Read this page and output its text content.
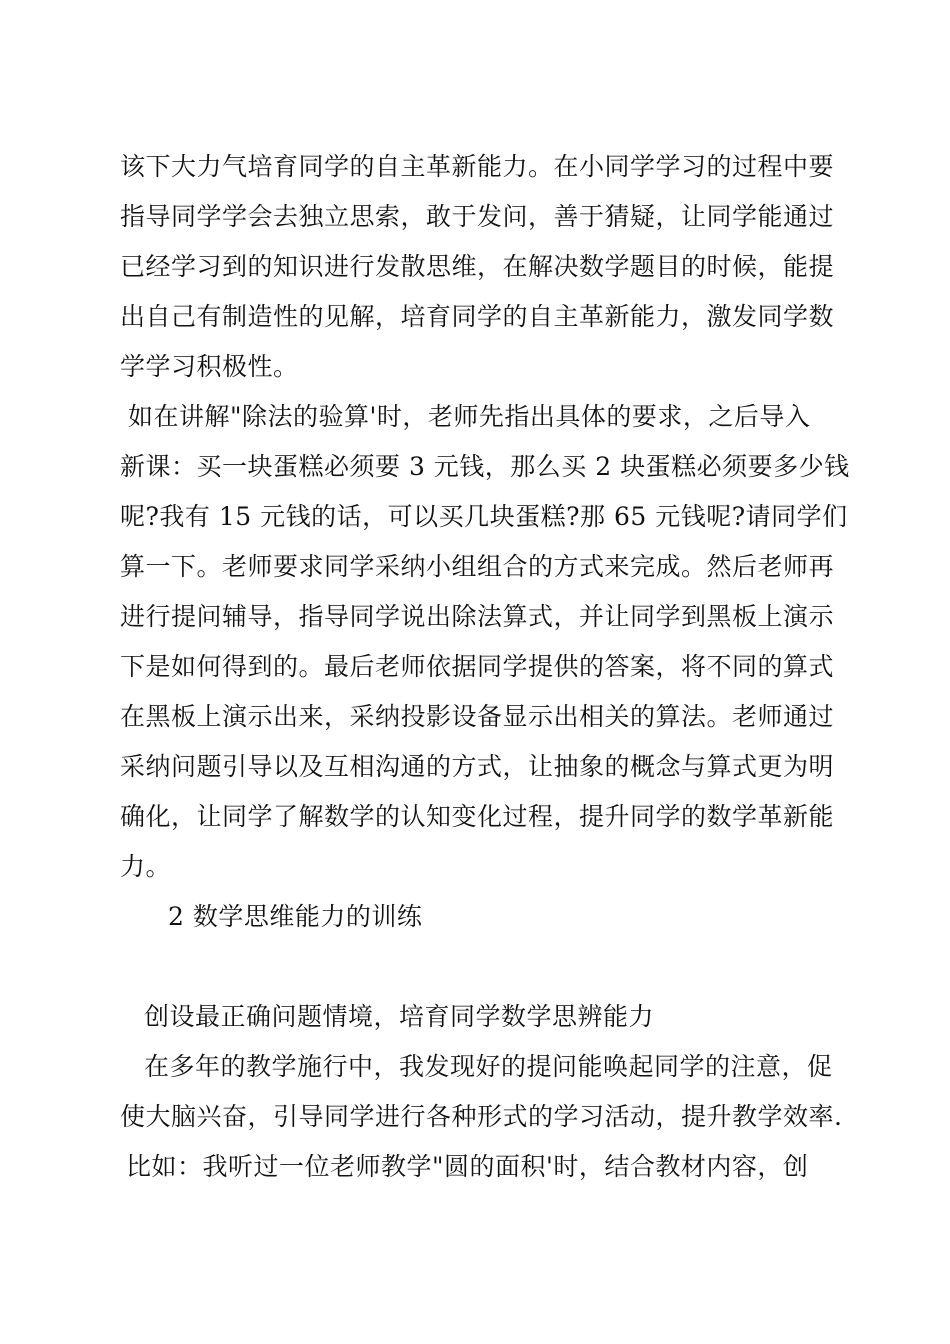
该下大力气培育同学的自主革新能力。在小同学学习的过程中要
指导同学学会去独立思索，敢于发问，善于猜疑，让同学能通过
已经学习到的知识进行发散思维，在解决数学题目的时候，能提
出自己有制造性的见解，培育同学的自主革新能力，激发同学数
学学习积极性。
如在讲解"除法的验算'时，老师先指出具体的要求，之后导入
新课：买一块蛋糕必须要 3 元钱，那么买 2 块蛋糕必须要多少钱
呢?我有 15 元钱的话，可以买几块蛋糕?那 65 元钱呢?请同学们
算一下。老师要求同学采纳小组组合的方式来完成。然后老师再
进行提问辅导，指导同学说出除法算式，并让同学到黑板上演示
下是如何得到的。最后老师依据同学提供的答案，将不同的算式
在黑板上演示出来，采纳投影设备显示出相关的算法。老师通过
采纳问题引导以及互相沟通的方式，让抽象的概念与算式更为明
确化，让同学了解数学的认知变化过程，提升同学的数学革新能
力。
2 数学思维能力的训练
创设最正确问题情境，培育同学数学思辨能力
在多年的教学施行中，我发现好的提问能唤起同学的注意，促
使大脑兴奋，引导同学进行各种形式的学习活动，提升教学效率.
比如：我听过一位老师教学"圆的面积'时，结合教材内容，创
